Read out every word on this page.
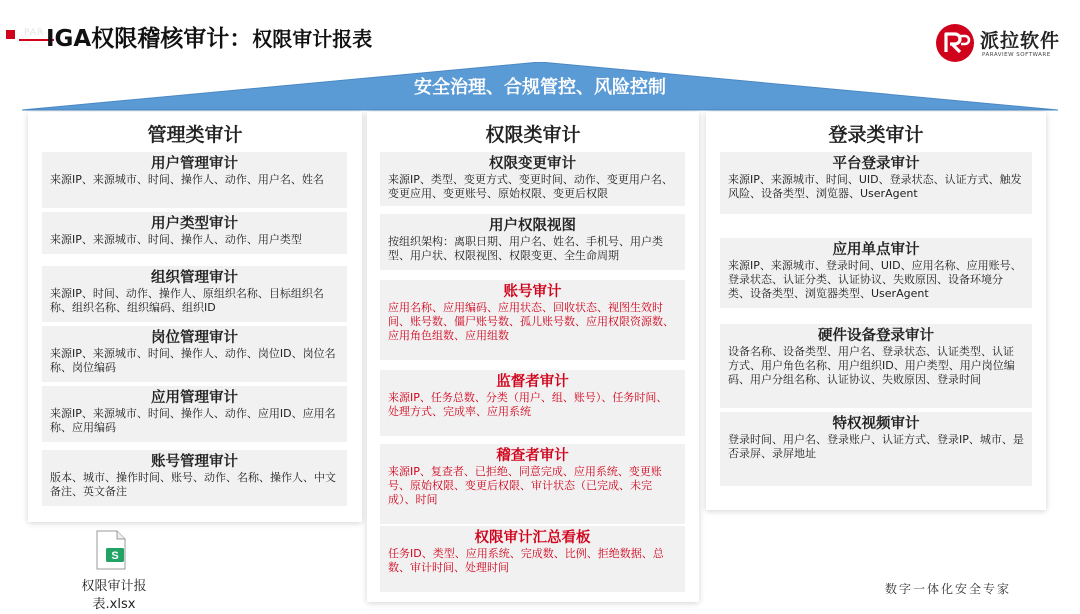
PAR IGA权限稽核审计：权限审计报表	派拉软件
PARAVIEW SOFTWARE
安全治理、合规管控、风险控制
管理类审计
用户管理审计
来源IP、来源城市、时间、操作人、动作、用户名、姓名
用户类型审计
来源IP、来源城市、时间、操作人、动作、用户类型
组织管理审计
来源IP、时间、动作、操作人、原组织名称、目标组织名称、组织名称、组织编码、组织ID
岗位管理审计
来源IP、来源城市、时间、操作人、动作、岗位ID、岗位名称、岗位编码
应用管理审计
来源IP、来源城市、时间、操作人、动作、应用ID、应用名称、应用编码
账号管理审计
版本、城市、操作时间、账号、动作、名称、操作人、中文备注、英文备注
权限类审计
权限变更审计
来源IP、类型、变更方式、变更时间、动作、变更用户名、变更应用、变更账号、原始权限、变更后权限
用户权限视图
按组织架构：离职日期、用户名、姓名、手机号、用户类型、用户状、权限视图、权限变更、全生命周期
账号审计
应用名称、应用编码、应用状态、回收状态、视图生效时间、账号数、僵尸账号数、孤儿账号数、应用权限资源数、应用角色组数、应用组数
监督者审计
来源IP、任务总数、分类（用户、组、账号）、任务时间、处理方式、完成率、应用系统
稽查者审计
来源IP、复查者、已拒绝、同意完成、应用系统、变更账号、原始权限、变更后权限、审计状态（已完成、未完成）、时间
权限审计汇总看板
任务ID、类型、应用系统、完成数、比例、拒绝数据、总数、审计时间、处理时间
登录类审计
平台登录审计
来源IP、来源城市、时间、UID、登录状态、认证方式、触发风险、设备类型、浏览器、UserAgent
应用单点审计
来源IP、来源城市、登录时间、UID、应用名称、应用账号、登录状态、认证分类、认证协议、失败原因、设备环境分类、设备类型、浏览器类型、UserAgent
硬件设备登录审计
设备名称、设备类型、用户名、登录状态、认证类型、认证方式、用户角色名称、用户组织ID、用户类型、用户岗位编码、用户分组名称、认证协议、失败原因、登录时间
特权视频审计
登录时间、用户名、登录账户、认证方式、登录IP、城市、是否录屏、录屏地址
S
权限审计报表.xlsx
数字一体化安全专家
